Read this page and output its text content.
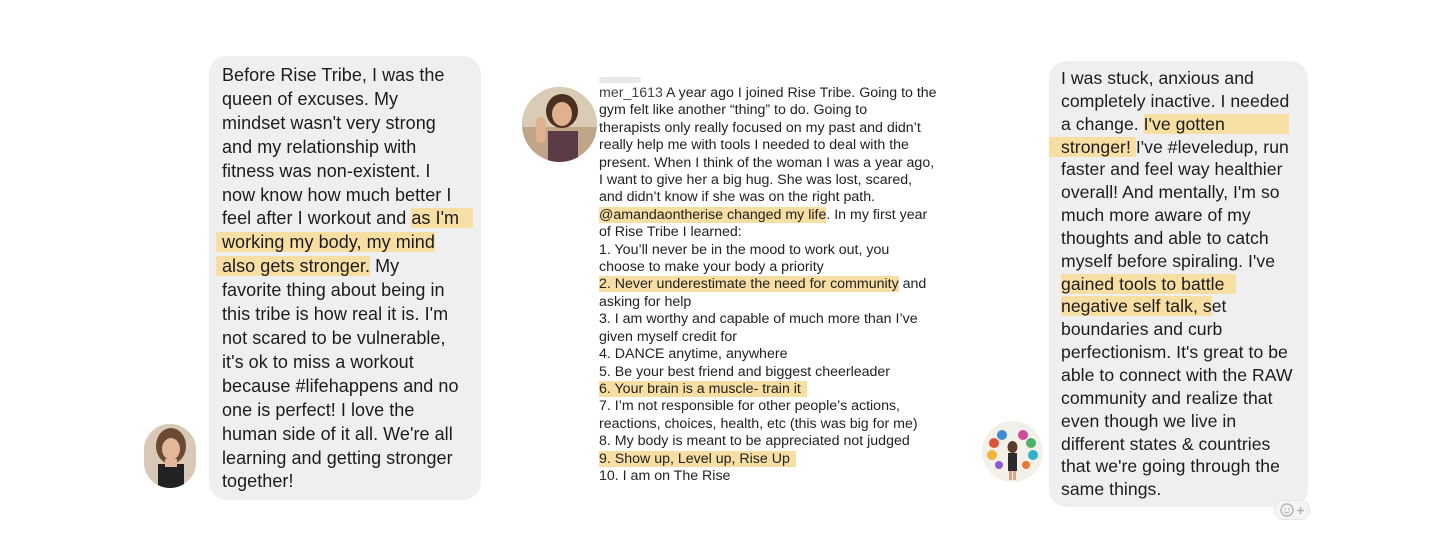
Before Rise Tribe, I was the
queen of excuses. My
mindset wasn't very strong
and my relationship with
fitness was non-existent. I
now know how much better I
feel after I workout and as I'm
working my body, my mind
also gets stronger. My
favorite thing about being in
this tribe is how real it is. I'm
not scared to be vulnerable,
it's ok to miss a workout
because #lifehappens and no
one is perfect! I love the
human side of it all. We're all
learning and getting stronger
together!
mer_1613 A year ago I joined Rise Tribe. Going to the
gym felt like another “thing” to do. Going to
therapists only really focused on my past and didn’t
really help me with tools I needed to deal with the
present. When I think of the woman I was a year ago,
I want to give her a big hug. She was lost, scared,
and didn’t know if she was on the right path.
@amandaontherise changed my life. In my first year
of Rise Tribe I learned:
1. You’ll never be in the mood to work out, you
choose to make your body a priority
2. Never underestimate the need for community and
asking for help
3. I am worthy and capable of much more than I’ve
given myself credit for
4. DANCE anytime, anywhere
5. Be your best friend and biggest cheerleader
6. Your brain is a muscle- train it
7. I’m not responsible for other people’s actions,
reactions, choices, health, etc (this was big for me)
8. My body is meant to be appreciated not judged
9. Show up, Level up, Rise Up
10. I am on The Rise
I was stuck, anxious and
completely inactive. I needed
a change. I've gotten
stronger! I've #leveledup, run
faster and feel way healthier
overall! And mentally, I'm so
much more aware of my
thoughts and able to catch
myself before spiraling. I've
gained tools to battle
negative self talk, set
boundaries and curb
perfectionism. It's great to be
able to connect with the RAW
community and realize that
even though we live in
different states & countries
that we're going through the
same things.
